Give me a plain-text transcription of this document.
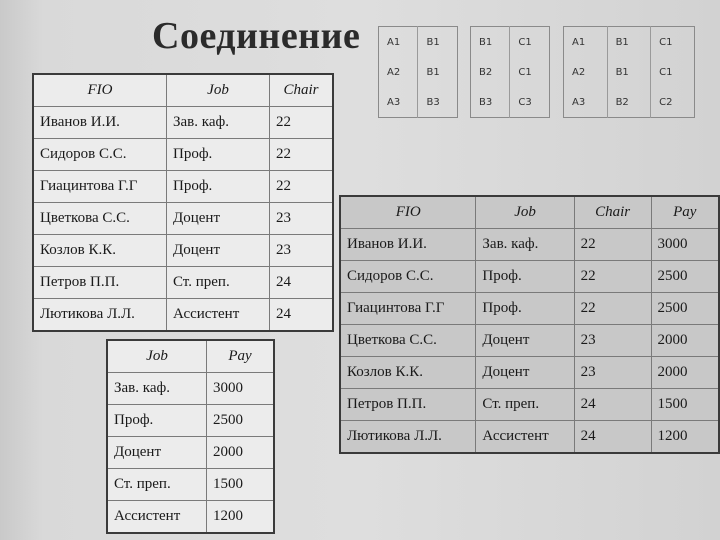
Соединение	A1	B1
A2	B1
A3	B3
B1	C1
B2	C1
B3	C3
A1	B1	C1
A2	B1	C1
A3	B2	C2
FIO	Job	Chair
Иванов И.И.	Зав. каф.	22
Сидоров С.С.	Проф.	22
Гиацинтова Г.Г	Проф.	22
Цветкова С.С.	Доцент	23
Козлов К.К.	Доцент	23
Петров П.П.	Ст. преп.	24
Лютикова Л.Л.	Ассистент	24
Job	Pay
Зав. каф.	3000
Проф.	2500
Доцент	2000
Ст. преп.	1500
Ассистент	1200
FIO	Job	Chair	Pay
Иванов И.И.	Зав. каф.	22	3000
Сидоров С.С.	Проф.	22	2500
Гиацинтова Г.Г	Проф.	22	2500
Цветкова С.С.	Доцент	23	2000
Козлов К.К.	Доцент	23	2000
Петров П.П.	Ст. преп.	24	1500
Лютикова Л.Л.	Ассистент	24	1200
